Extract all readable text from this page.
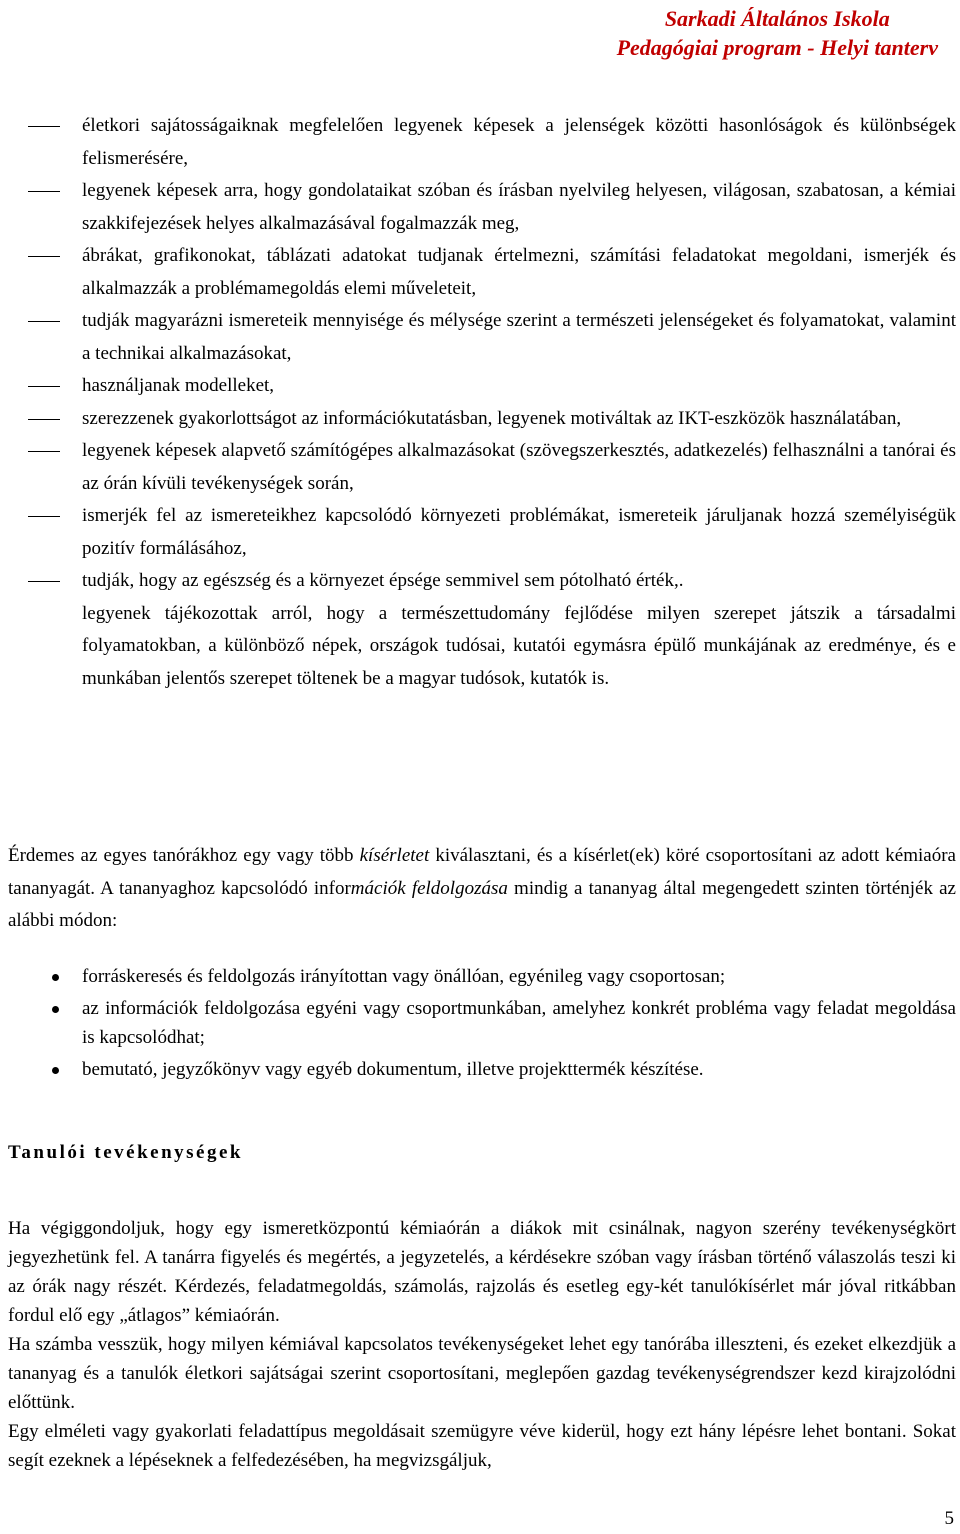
Sarkadi Általános Iskola
Pedagógiai program - Helyi tanterv
életkori sajátosságaiknak megfelelően legyenek képesek a jelenségek közötti hasonlóságok és különbségek felismerésére,
legyenek képesek arra, hogy gondolataikat szóban és írásban nyelvileg helyesen, világosan, szabatosan, a kémiai szakkifejezések helyes alkalmazásával fogalmazzák meg,
ábrákat, grafikonokat, táblázati adatokat tudjanak értelmezni, számítási feladatokat megoldani, ismerjék és alkalmazzák a problémamegoldás elemi műveleteit,
tudják magyarázni ismereteik mennyisége és mélysége szerint a természeti jelenségeket és folyamatokat, valamint a technikai alkalmazásokat,
használjanak modelleket,
szerezzenek gyakorlottságot az információkutatásban, legyenek motiváltak az IKT-eszközök használatában,
legyenek képesek alapvető számítógépes alkalmazásokat (szövegszerkesztés, adatkezelés) felhasználni a tanórai és az órán kívüli tevékenységek során,
ismerjék fel az ismereteikhez kapcsolódó környezeti problémákat, ismereteik járuljanak hozzá személyiségük pozitív formálásához,
tudják, hogy az egészség és a környezet épsége semmivel sem pótolható érték,.
legyenek tájékozottak arról, hogy a természettudomány fejlődése milyen szerepet játszik a társadalmi folyamatokban, a különböző népek, országok tudósai, kutatói egymásra épülő munkájának az eredménye, és e munkában jelentős szerepet töltenek be a magyar tudósok, kutatók is.
Érdemes az egyes tanórákhoz egy vagy több kísérletet kiválasztani, és a kísérlet(ek) köré csoportosítani az adott kémiaóra tananyagát. A tananyaghoz kapcsolódó információk feldolgozása mindig a tananyag által megengedett szinten történjék az alábbi módon:
forráskeresés és feldolgozás irányítottan vagy önállóan, egyénileg vagy csoportosan;
az információk feldolgozása egyéni vagy csoportmunkában, amelyhez konkrét probléma vagy feladat megoldása is kapcsolódhat;
bemutató, jegyzőkönyv vagy egyéb dokumentum, illetve projekttermék készítése.
Tanulói tevékenységek

Ha végiggondoljuk, hogy egy ismeretközpontú kémiaórán a diákok mit csinálnak, nagyon szerény tevékenységkört jegyezhetünk fel. A tanárra figyelés és megértés, a jegyzetelés, a kérdésekre szóban vagy írásban történő válaszolás teszi ki az órák nagy részét. Kérdezés, feladatmegoldás, számolás, rajzolás és esetleg egy-két tanulókísérlet már jóval ritkábban fordul elő egy „átlagos” kémiaórán.

Ha számba vesszük, hogy milyen kémiával kapcsolatos tevékenységeket lehet egy tanórába illeszteni, és ezeket elkezdjük a tananyag és a tanulók életkori sajátságai szerint csoportosítani, meglepően gazdag tevékenységrendszer kezd kirajzolódni előttünk.

Egy elméleti vagy gyakorlati feladattípus megoldásait szemügyre véve kiderül, hogy ezt hány lépésre lehet bontani. Sokat segít ezeknek a lépéseknek a felfedezésében, ha megvizsgáljuk,

5
